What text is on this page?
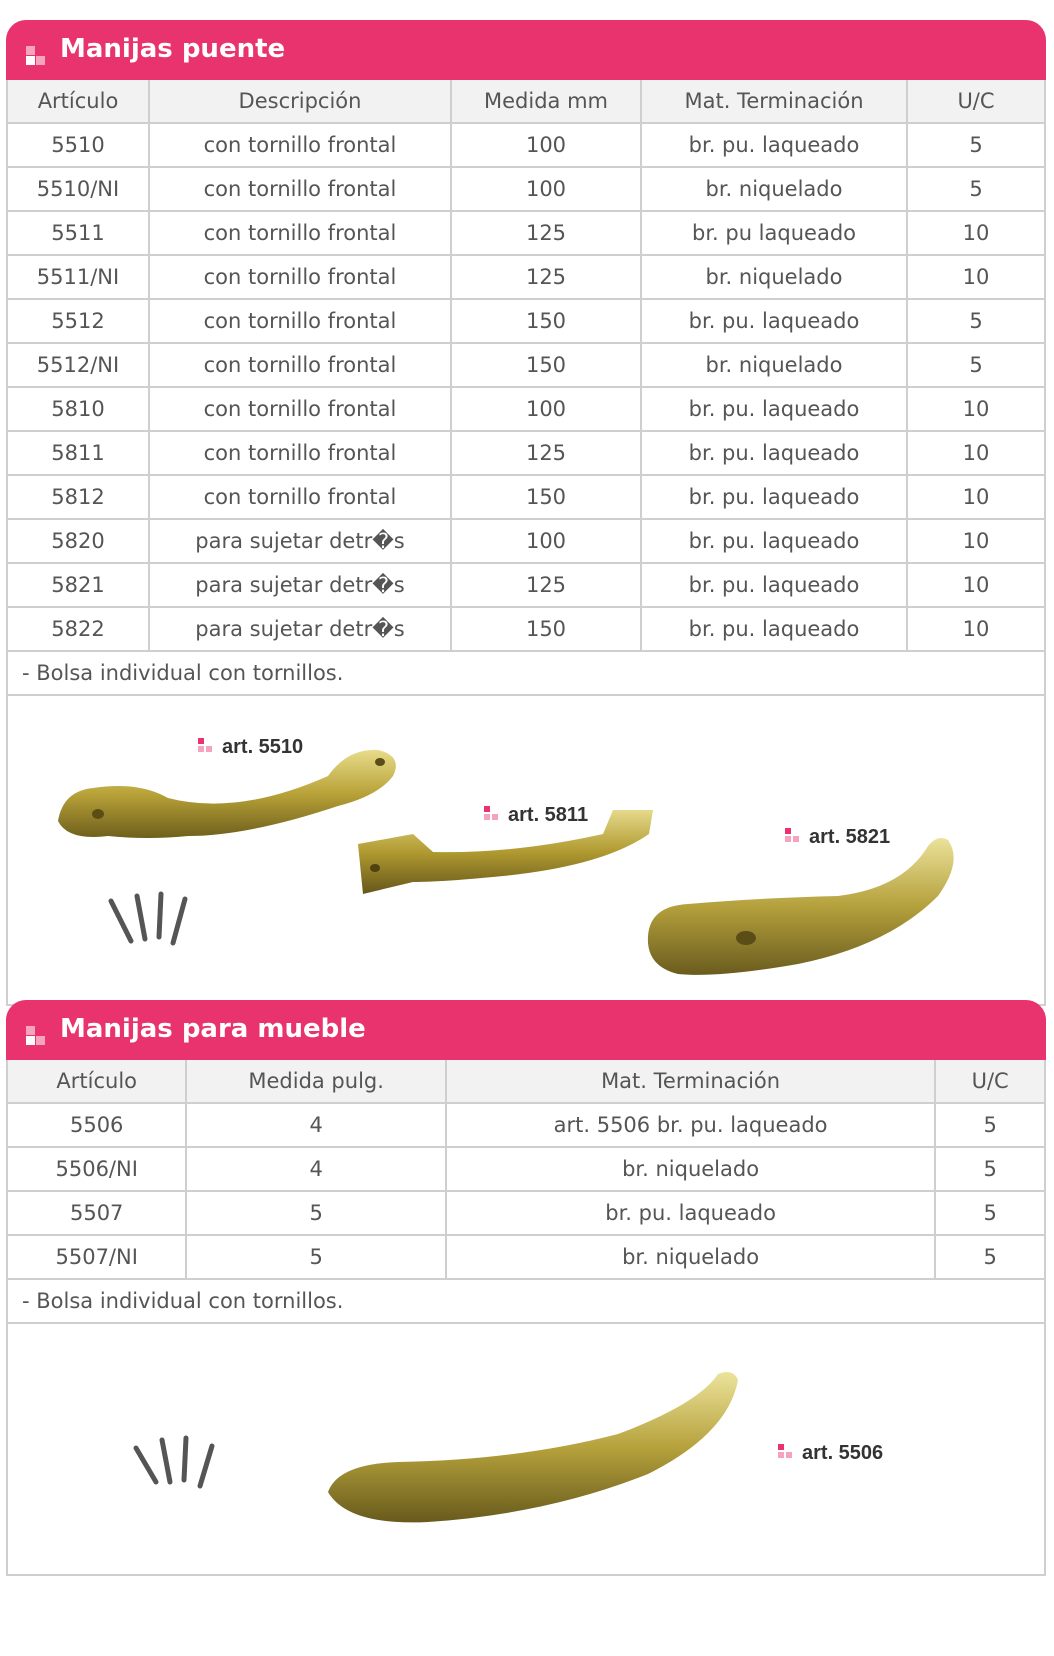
Manijas puente
Artículo	Descripción	Medida mm	Mat. Terminación	U/C
5510	con tornillo frontal	100	br. pu. laqueado	5
5510/NI	con tornillo frontal	100	br. niquelado	5
5511	con tornillo frontal	125	br. pu laqueado	10
5511/NI	con tornillo frontal	125	br. niquelado	10
5512	con tornillo frontal	150	br. pu. laqueado	5
5512/NI	con tornillo frontal	150	br. niquelado	5
5810	con tornillo frontal	100	br. pu. laqueado	10
5811	con tornillo frontal	125	br. pu. laqueado	10
5812	con tornillo frontal	150	br. pu. laqueado	10
5820	para sujetar detr�s	100	br. pu. laqueado	10
5821	para sujetar detr�s	125	br. pu. laqueado	10
5822	para sujetar detr�s	150	br. pu. laqueado	10
- Bolsa individual con tornillos.				
art. 5510
art. 5811
art. 5821
Manijas para mueble
Artículo	Medida pulg.	Mat. Terminación	U/C
5506	4	art. 5506 br. pu. laqueado	5
5506/NI	4	br. niquelado	5
5507	5	br. pu. laqueado	5
5507/NI	5	br. niquelado	5
- Bolsa individual con tornillos.			
art. 5506
